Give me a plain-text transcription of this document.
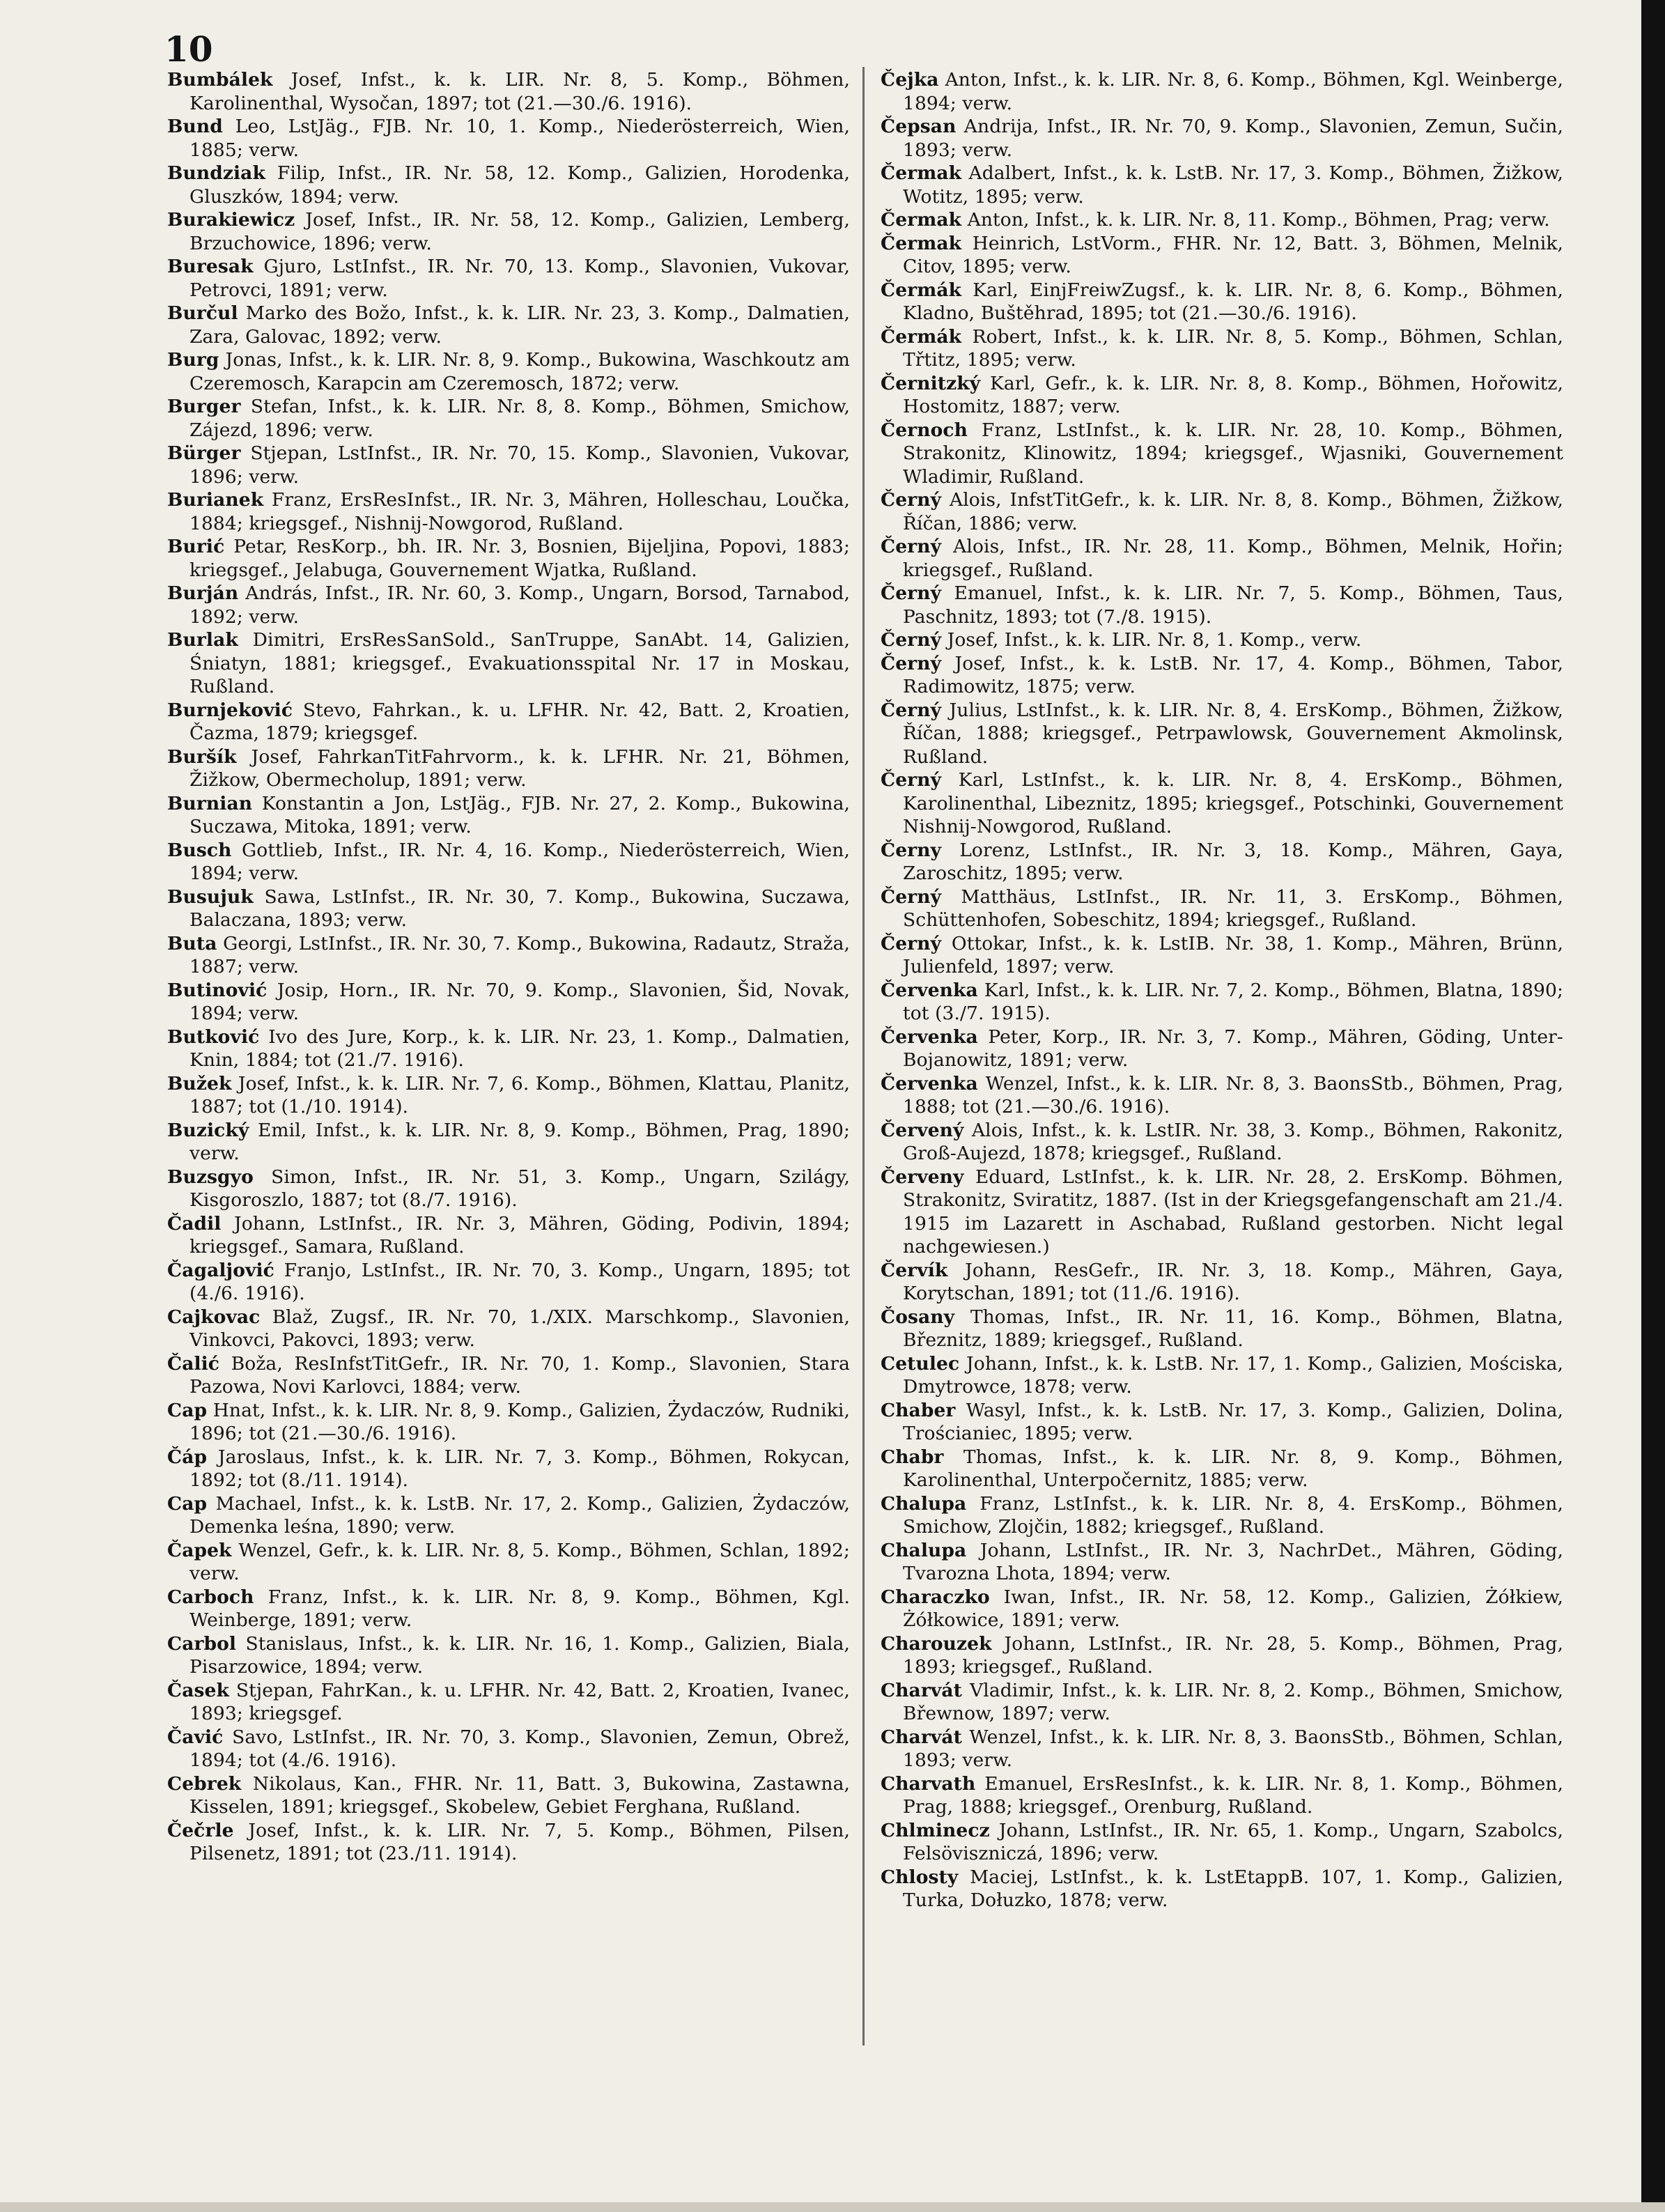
10

Bumbálek Josef, Infst., k. k. LIR. Nr. 8, 5. Komp., Böhmen, Karolinenthal, Wysočan, 1897; tot (21.—30./6. 1916).

Bund Leo, LstJäg., FJB. Nr. 10, 1. Komp., Niederösterreich, Wien, 1885; verw.

Bundziak Filip, Infst., IR. Nr. 58, 12. Komp., Galizien, Horodenka, Gluszków, 1894; verw.

Burakiewicz Josef, Infst., IR. Nr. 58, 12. Komp., Galizien, Lemberg, Brzuchowice, 1896; verw.

Buresak Gjuro, LstInfst., IR. Nr. 70, 13. Komp., Slavonien, Vukovar, Petrovci, 1891; verw.

Burčul Marko des Božo, Infst., k. k. LIR. Nr. 23, 3. Komp., Dalmatien, Zara, Galovac, 1892; verw.

Burg Jonas, Infst., k. k. LIR. Nr. 8, 9. Komp., Bukowina, Waschkoutz am Czeremosch, Karapcin am Czeremosch, 1872; verw.

Burger Stefan, Infst., k. k. LIR. Nr. 8, 8. Komp., Böhmen, Smichow, Zájezd, 1896; verw.

Bürger Stjepan, LstInfst., IR. Nr. 70, 15. Komp., Slavonien, Vukovar, 1896; verw.

Burianek Franz, ErsResInfst., IR. Nr. 3, Mähren, Holleschau, Loučka, 1884; kriegsgef., Nishnij-Nowgorod, Rußland.

Burić Petar, ResKorp., bh. IR. Nr. 3, Bosnien, Bijeljina, Popovi, 1883; kriegsgef., Jelabuga, Gouvernement Wjatka, Rußland.

Burján András, Infst., IR. Nr. 60, 3. Komp., Ungarn, Borsod, Tarnabod, 1892; verw.

Burlak Dimitri, ErsResSanSold., SanTruppe, SanAbt. 14, Galizien, Śniatyn, 1881; kriegsgef., Evakuationsspital Nr. 17 in Moskau, Rußland.

Burnjeković Stevo, Fahrkan., k. u. LFHR. Nr. 42, Batt. 2, Kroatien, Čazma, 1879; kriegsgef.

Buršík Josef, FahrkanTitFahrvorm., k. k. LFHR. Nr. 21, Böhmen, Žižkow, Obermecholup, 1891; verw.

Burnian Konstantin a Jon, LstJäg., FJB. Nr. 27, 2. Komp., Bukowina, Suczawa, Mitoka, 1891; verw.

Busch Gottlieb, Infst., IR. Nr. 4, 16. Komp., Niederösterreich, Wien, 1894; verw.

Busujuk Sawa, LstInfst., IR. Nr. 30, 7. Komp., Bukowina, Suczawa, Balaczana, 1893; verw.

Buta Georgi, LstInfst., IR. Nr. 30, 7. Komp., Bukowina, Radautz, Straža, 1887; verw.

Butinović Josip, Horn., IR. Nr. 70, 9. Komp., Slavonien, Šid, Novak, 1894; verw.

Butković Ivo des Jure, Korp., k. k. LIR. Nr. 23, 1. Komp., Dalmatien, Knin, 1884; tot (21./7. 1916).

Bužek Josef, Infst., k. k. LIR. Nr. 7, 6. Komp., Böhmen, Klattau, Planitz, 1887; tot (1./10. 1914).

Buzický Emil, Infst., k. k. LIR. Nr. 8, 9. Komp., Böhmen, Prag, 1890; verw.

Buzsgyo Simon, Infst., IR. Nr. 51, 3. Komp., Ungarn, Szilágy, Kisgoroszlo, 1887; tot (8./7. 1916).

Čadil Johann, LstInfst., IR. Nr. 3, Mähren, Göding, Podivin, 1894; kriegsgef., Samara, Rußland.

Čagaljović Franjo, LstInfst., IR. Nr. 70, 3. Komp., Ungarn, 1895; tot (4./6. 1916).

Cajkovac Blaž, Zugsf., IR. Nr. 70, 1./XIX. Marschkomp., Slavonien, Vinkovci, Pakovci, 1893; verw.

Čalić Boža, ResInfstTitGefr., IR. Nr. 70, 1. Komp., Slavonien, Stara Pazowa, Novi Karlovci, 1884; verw.

Cap Hnat, Infst., k. k. LIR. Nr. 8, 9. Komp., Galizien, Żydaczów, Rudniki, 1896; tot (21.—30./6. 1916).

Čáp Jaroslaus, Infst., k. k. LIR. Nr. 7, 3. Komp., Böhmen, Rokycan, 1892; tot (8./11. 1914).

Cap Machael, Infst., k. k. LstB. Nr. 17, 2. Komp., Galizien, Żydaczów, Demenka leśna, 1890; verw.

Čapek Wenzel, Gefr., k. k. LIR. Nr. 8, 5. Komp., Böhmen, Schlan, 1892; verw.

Carboch Franz, Infst., k. k. LIR. Nr. 8, 9. Komp., Böhmen, Kgl. Weinberge, 1891; verw.

Carbol Stanislaus, Infst., k. k. LIR. Nr. 16, 1. Komp., Galizien, Biala, Pisarzowice, 1894; verw.

Časek Stjepan, FahrKan., k. u. LFHR. Nr. 42, Batt. 2, Kroatien, Ivanec, 1893; kriegsgef.

Čavić Savo, LstInfst., IR. Nr. 70, 3. Komp., Slavonien, Zemun, Obrež, 1894; tot (4./6. 1916).

Cebrek Nikolaus, Kan., FHR. Nr. 11, Batt. 3, Bukowina, Zastawna, Kisselen, 1891; kriegsgef., Skobelew, Gebiet Ferghana, Rußland.

Čečrle Josef, Infst., k. k. LIR. Nr. 7, 5. Komp., Böhmen, Pilsen, Pilsenetz, 1891; tot (23./11. 1914).

Čejka Anton, Infst., k. k. LIR. Nr. 8, 6. Komp., Böhmen, Kgl. Weinberge, 1894; verw.

Čepsan Andrija, Infst., IR. Nr. 70, 9. Komp., Slavonien, Zemun, Sučin, 1893; verw.

Čermak Adalbert, Infst., k. k. LstB. Nr. 17, 3. Komp., Böhmen, Žižkow, Wotitz, 1895; verw.

Čermak Anton, Infst., k. k. LIR. Nr. 8, 11. Komp., Böhmen, Prag; verw.

Čermak Heinrich, LstVorm., FHR. Nr. 12, Batt. 3, Böhmen, Melnik, Citov, 1895; verw.

Čermák Karl, EinjFreiwZugsf., k. k. LIR. Nr. 8, 6. Komp., Böhmen, Kladno, Buštěhrad, 1895; tot (21.—30./6. 1916).

Čermák Robert, Infst., k. k. LIR. Nr. 8, 5. Komp., Böhmen, Schlan, Třtitz, 1895; verw.

Černitzký Karl, Gefr., k. k. LIR. Nr. 8, 8. Komp., Böhmen, Hořowitz, Hostomitz, 1887; verw.

Černoch Franz, LstInfst., k. k. LIR. Nr. 28, 10. Komp., Böhmen, Strakonitz, Klinowitz, 1894; kriegsgef., Wjasniki, Gouvernement Wladimir, Rußland.

Černý Alois, InfstTitGefr., k. k. LIR. Nr. 8, 8. Komp., Böhmen, Žižkow, Říčan, 1886; verw.

Černý Alois, Infst., IR. Nr. 28, 11. Komp., Böhmen, Melnik, Hořin; kriegsgef., Rußland.

Černý Emanuel, Infst., k. k. LIR. Nr. 7, 5. Komp., Böhmen, Taus, Paschnitz, 1893; tot (7./8. 1915).

Černý Josef, Infst., k. k. LIR. Nr. 8, 1. Komp., verw.

Černý Josef, Infst., k. k. LstB. Nr. 17, 4. Komp., Böhmen, Tabor, Radimowitz, 1875; verw.

Černý Julius, LstInfst., k. k. LIR. Nr. 8, 4. ErsKomp., Böhmen, Žižkow, Říčan, 1888; kriegsgef., Petrpawlowsk, Gouvernement Akmolinsk, Rußland.

Černý Karl, LstInfst., k. k. LIR. Nr. 8, 4. ErsKomp., Böhmen, Karolinenthal, Libeznitz, 1895; kriegsgef., Potschinki, Gouvernement Nishnij-Nowgorod, Rußland.

Černy Lorenz, LstInfst., IR. Nr. 3, 18. Komp., Mähren, Gaya, Zaroschitz, 1895; verw.

Černý Matthäus, LstInfst., IR. Nr. 11, 3. ErsKomp., Böhmen, Schüttenhofen, Sobeschitz, 1894; kriegsgef., Rußland.

Černý Ottokar, Infst., k. k. LstIB. Nr. 38, 1. Komp., Mähren, Brünn, Julienfeld, 1897; verw.

Červenka Karl, Infst., k. k. LIR. Nr. 7, 2. Komp., Böhmen, Blatna, 1890; tot (3./7. 1915).

Červenka Peter, Korp., IR. Nr. 3, 7. Komp., Mähren, Göding, Unter-Bojanowitz, 1891; verw.

Červenka Wenzel, Infst., k. k. LIR. Nr. 8, 3. BaonsStb., Böhmen, Prag, 1888; tot (21.—30./6. 1916).

Červený Alois, Infst., k. k. LstIR. Nr. 38, 3. Komp., Böhmen, Rakonitz, Groß-Aujezd, 1878; kriegsgef., Rußland.

Červeny Eduard, LstInfst., k. k. LIR. Nr. 28, 2. ErsKomp. Böhmen, Strakonitz, Sviratitz, 1887. (Ist in der Kriegsgefangenschaft am 21./4. 1915 im Lazarett in Aschabad, Rußland gestorben. Nicht legal nachgewiesen.)

Červík Johann, ResGefr., IR. Nr. 3, 18. Komp., Mähren, Gaya, Korytschan, 1891; tot (11./6. 1916).

Čosany Thomas, Infst., IR. Nr. 11, 16. Komp., Böhmen, Blatna, Březnitz, 1889; kriegsgef., Rußland.

Cetulec Johann, Infst., k. k. LstB. Nr. 17, 1. Komp., Galizien, Mościska, Dmytrowce, 1878; verw.

Chaber Wasyl, Infst., k. k. LstB. Nr. 17, 3. Komp., Galizien, Dolina, Trościaniec, 1895; verw.

Chabr Thomas, Infst., k. k. LIR. Nr. 8, 9. Komp., Böhmen, Karolinenthal, Unterpočernitz, 1885; verw.

Chalupa Franz, LstInfst., k. k. LIR. Nr. 8, 4. ErsKomp., Böhmen, Smichow, Zlojčin, 1882; kriegsgef., Rußland.

Chalupa Johann, LstInfst., IR. Nr. 3, NachrDet., Mähren, Göding, Tvarozna Lhota, 1894; verw.

Characzko Iwan, Infst., IR. Nr. 58, 12. Komp., Galizien, Żółkiew, Żółkowice, 1891; verw.

Charouzek Johann, LstInfst., IR. Nr. 28, 5. Komp., Böhmen, Prag, 1893; kriegsgef., Rußland.

Charvát Vladimir, Infst., k. k. LIR. Nr. 8, 2. Komp., Böhmen, Smichow, Břewnow, 1897; verw.

Charvát Wenzel, Infst., k. k. LIR. Nr. 8, 3. BaonsStb., Böhmen, Schlan, 1893; verw.

Charvath Emanuel, ErsResInfst., k. k. LIR. Nr. 8, 1. Komp., Böhmen, Prag, 1888; kriegsgef., Orenburg, Rußland.

Chlminecz Johann, LstInfst., IR. Nr. 65, 1. Komp., Ungarn, Szabolcs, Felsöviszniczá, 1896; verw.

Chlosty Maciej, LstInfst., k. k. LstEtappB. 107, 1. Komp., Galizien, Turka, Dołuzko, 1878; verw.
